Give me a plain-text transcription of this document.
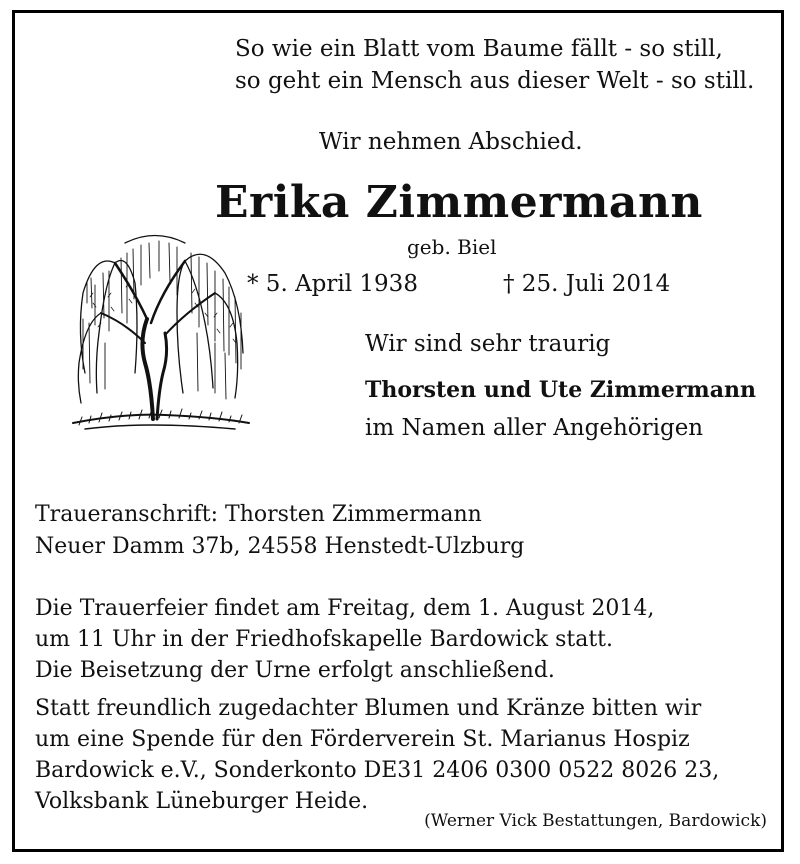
So wie ein Blatt vom Baume fällt - so still,
so geht ein Mensch aus dieser Welt - so still.
Wir nehmen Abschied.
Erika Zimmermann
geb. Biel
* 5. April 1938	† 25. Juli 2014
Wir sind sehr traurig
Thorsten und Ute Zimmermann
im Namen aller Angehörigen
Traueranschrift: Thorsten Zimmermann
Neuer Damm 37b, 24558 Henstedt-Ulzburg
Die Trauerfeier findet am Freitag, dem 1. August 2014,
um 11 Uhr in der Friedhofskapelle Bardowick statt.
Die Beisetzung der Urne erfolgt anschließend.
Statt freundlich zugedachter Blumen und Kränze bitten wir
um eine Spende für den Förderverein St. Marianus Hospiz
Bardowick e.V., Sonderkonto DE31 2406 0300 0522 8026 23,
Volksbank Lüneburger Heide.
(Werner Vick Bestattungen, Bardowick)
